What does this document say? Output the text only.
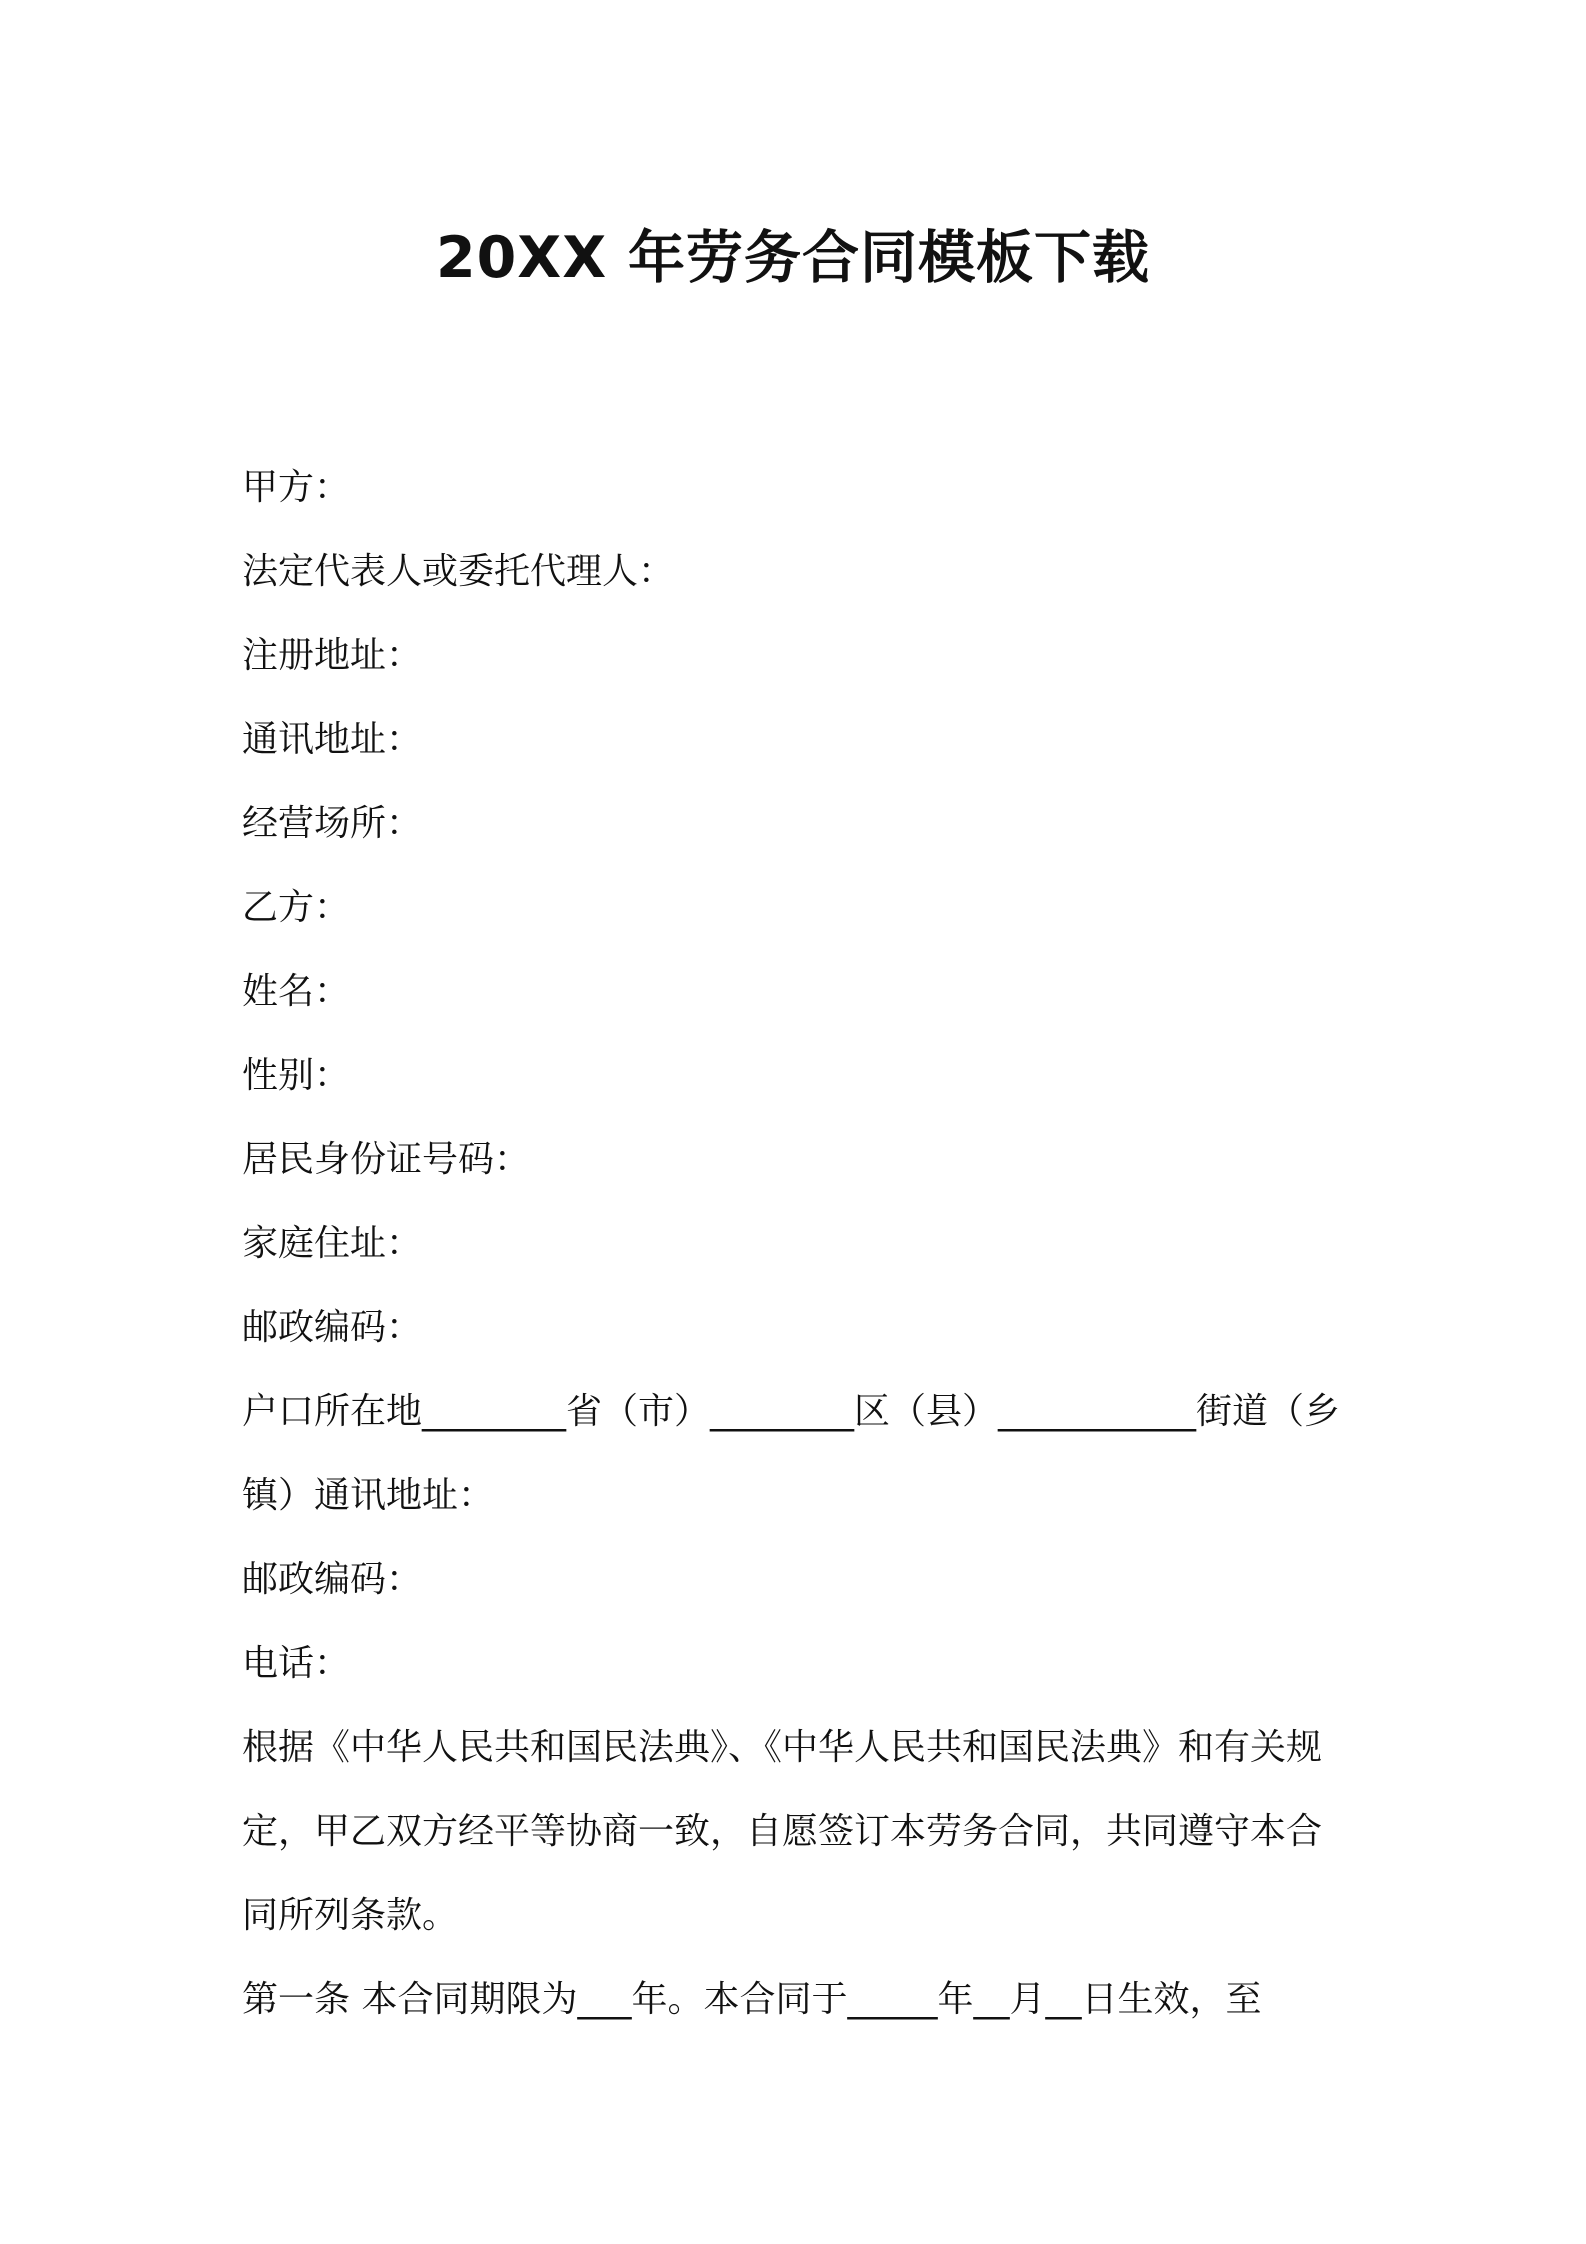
20XX 年劳务合同模板下载

甲方：

法定代表人或委托代理人：

注册地址：

通讯地址：

经营场所：

乙方：

姓名：

性别：

居民身份证号码：

家庭住址：

邮政编码：

户口所在地________省（市）________区（县）___________街道（乡

镇）通讯地址：

邮政编码：

电话：

根据《中华人民共和国民法典》、《中华人民共和国民法典》和有关规

定，甲乙双方经平等协商一致，自愿签订本劳务合同，共同遵守本合

同所列条款。

第一条 本合同期限为___年。本合同于_____年__月__日生效，至
